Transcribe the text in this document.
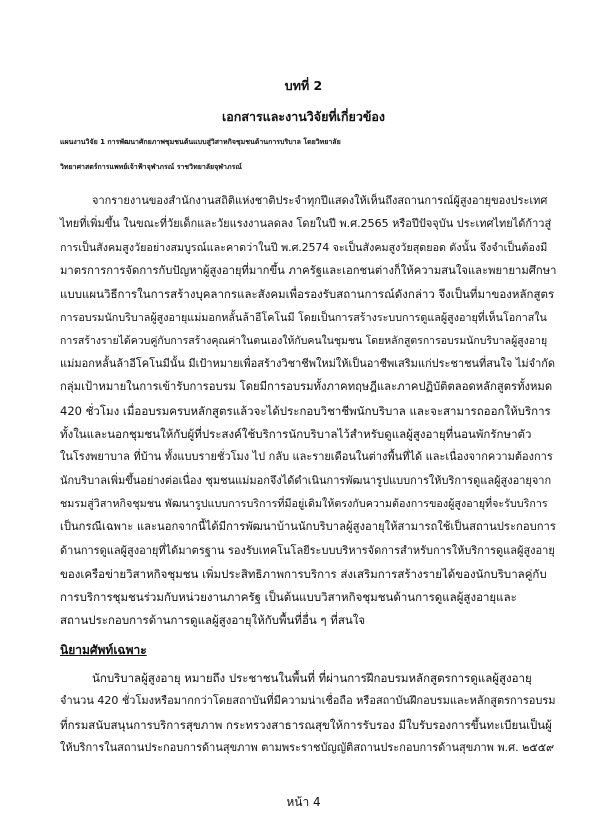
บทที่ 2
เอกสารและงานวิจัยที่เกี่ยวข้อง
แผนงานวิจัย 1 การพัฒนาศักยภาพชุมชนต้นแบบสู่วิสาหกิจชุมชนด้านการบริบาล โดยวิทยาลัย
วิทยาศาสตร์การแพทย์เจ้าฟ้าจุฬาภรณ์ ราชวิทยาลัยจุฬาภรณ์
จากรายงานของสำนักงานสถิติแห่งชาติประจำทุกปีแสดงให้เห็นถึงสถานการณ์ผู้สูงอายุของประเทศ
ไทยที่เพิ่มขึ้น ในขณะที่วัยเด็กและวัยแรงงานลดลง โดยในปี พ.ศ.2565 หรือปีปัจจุบัน ประเทศไทยได้ก้าวสู่
การเป็นสังคมสูงวัยอย่างสมบูรณ์และคาดว่าในปี พ.ศ.2574 จะเป็นสังคมสูงวัยสุดยอด ดังนั้น จึงจำเป็นต้องมี
มาตรการการจัดการกับปัญหาผู้สูงอายุที่มากขึ้น ภาครัฐและเอกชนต่างก็ให้ความสนใจและพยายามศึกษา
แบบแผนวิธีการในการสร้างบุคลากรและสังคมเพื่อรองรับสถานการณ์ดังกล่าว จึงเป็นที่มาของหลักสูตร
การอบรมนักบริบาลผู้สูงอายุแม่มอกหลั้นล้าอีโคโนมี โดยเป็นการสร้างระบบการดูแลผู้สูงอายุที่เห็นโอกาสใน
การสร้างรายได้ควบคู่กับการสร้างคุณค่าในตนเองให้กับคนในชุมชน โดยหลักสูตรการอบรมนักบริบาลผู้สูงอายุ
แม่มอกหลั้นล้าอีโคโนมีนั้น มีเป้าหมายเพื่อสร้างวิชาชีพใหม่ให้เป็นอาชีพเสริมแก่ประชาชนที่สนใจ ไม่จำกัด
กลุ่มเป้าหมายในการเข้ารับการอบรม โดยมีการอบรมทั้งภาคทฤษฎีและภาคปฏิบัติตลอดหลักสูตรทั้งหมด
420 ชั่วโมง เมื่ออบรมครบหลักสูตรแล้วจะได้ประกอบวิชาชีพนักบริบาล และจะสามารถออกให้บริการ
ทั้งในและนอกชุมชนให้กับผู้ที่ประสงค์ใช้บริการนักบริบาลไว้สำหรับดูแลผู้สูงอายุที่นอนพักรักษาตัว
ในโรงพยาบาล ที่บ้าน ทั้งแบบรายชั่วโมง ไป กลับ และรายเดือนในต่างพื้นที่ได้ และเนื่องจากความต้องการ
นักบริบาลเพิ่มขึ้นอย่างต่อเนื่อง ชุมชนแม่มอกจึงได้ดำเนินการพัฒนารูปแบบการให้บริการดูแลผู้สูงอายุจาก
ชมรมสู่วิสาหกิจชุมชน พัฒนารูปแบบการบริการที่มีอยู่เดิมให้ตรงกับความต้องการของผู้สูงอายุที่จะรับบริการ
เป็นกรณีเฉพาะ และนอกจากนี้ได้มีการพัฒนาบ้านนักบริบาลผู้สูงอายุให้สามารถใช้เป็นสถานประกอบการ
ด้านการดูแลผู้สูงอายุที่ได้มาตรฐาน รองรับเทคโนโลยีระบบบริหารจัดการสำหรับการให้บริการดูแลผู้สูงอายุ
ของเครือข่ายวิสาหกิจชุมชน เพิ่มประสิทธิภาพการบริการ ส่งเสริมการสร้างรายได้ของนักบริบาลคู่กับ
การบริการชุมชนร่วมกับหน่วยงานภาครัฐ เป็นต้นแบบวิสาหกิจชุมชนด้านการดูแลผู้สูงอายุและ
สถานประกอบการด้านการดูแลผู้สูงอายุให้กับพื้นที่อื่น ๆ ที่สนใจ
นิยามศัพท์เฉพาะ
นักบริบาลผู้สูงอายุ หมายถึง ประชาชนในพื้นที่ ที่ผ่านการฝึกอบรมหลักสูตรการดูแลผู้สูงอายุ
จำนวน 420 ชั่วโมงหรือมากกว่าโดยสถาบันที่มีความน่าเชื่อถือ หรือสถาบันฝึกอบรมและหลักสูตรการอบรม
ที่กรมสนับสนุนการบริการสุขภาพ กระทรวงสาธารณสุขให้การรับรอง มีใบรับรองการขึ้นทะเบียนเป็นผู้
ให้บริการในสถานประกอบการด้านสุขภาพ ตามพระราชบัญญัติสถานประกอบการด้านสุขภาพ พ.ศ. ๒๕๕๙
หน้า 4
